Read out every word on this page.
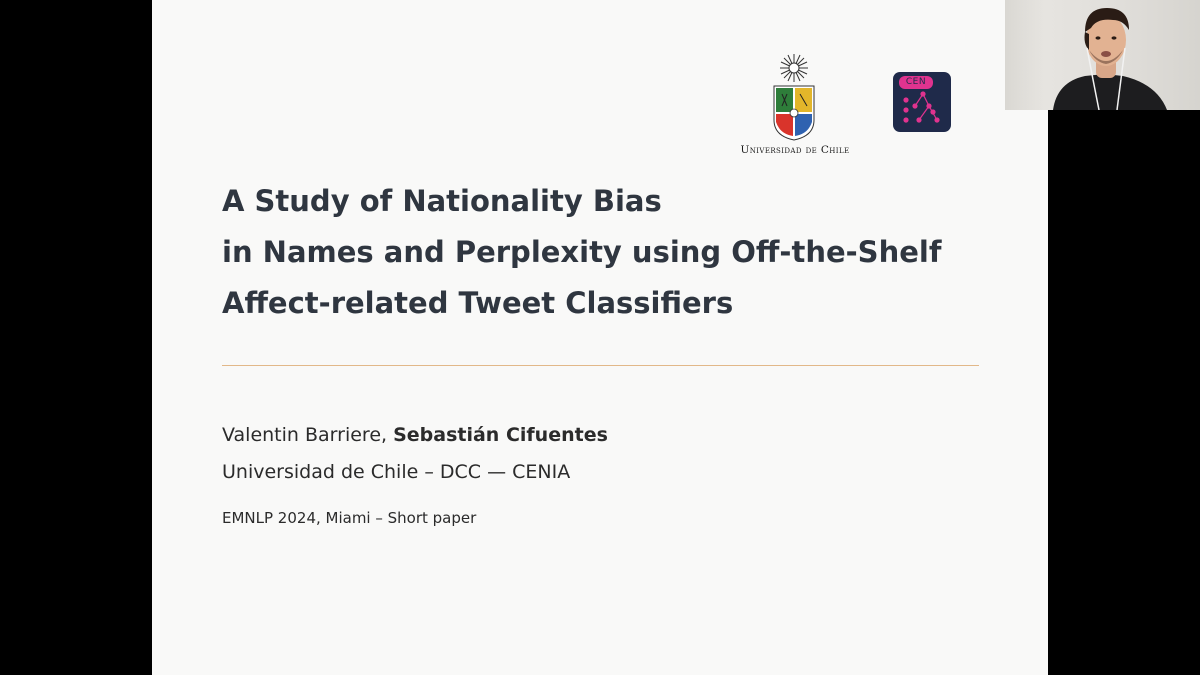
Universidad de Chile
CEN
A Study of Nationality Bias
in Names and Perplexity using Off-the-Shelf
Affect-related Tweet Classifiers
Valentin Barriere, Sebastián Cifuentes
Universidad de Chile – DCC — CENIA
EMNLP 2024, Miami – Short paper
